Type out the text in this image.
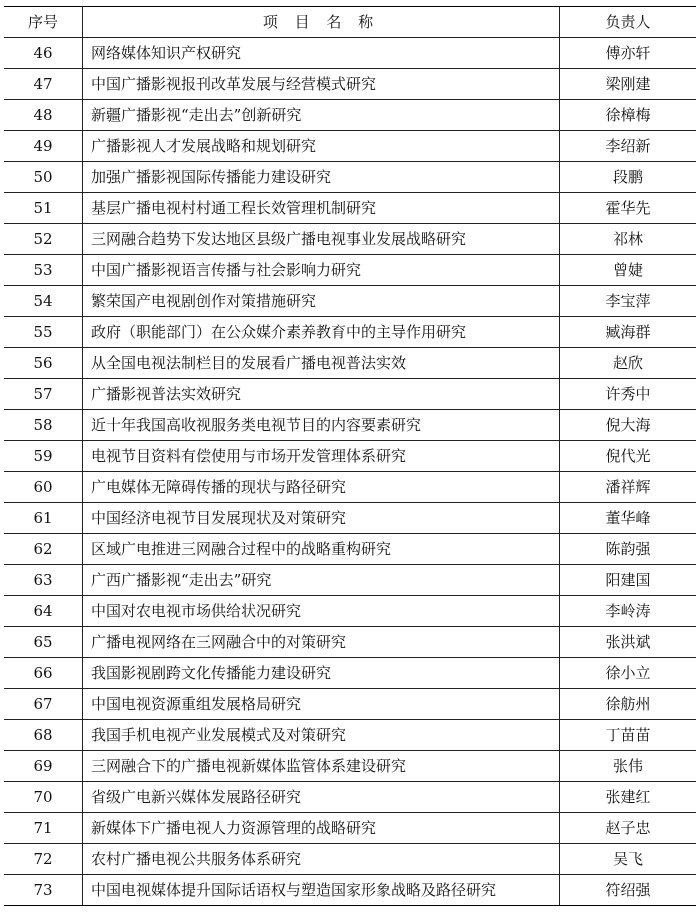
序号	项 目 名 称	负责人
46	网络媒体知识产权研究	傅亦轩
47	中国广播影视报刊改革发展与经营模式研究	梁刚建
48	新疆广播影视“走出去”创新研究	徐樟梅
49	广播影视人才发展战略和规划研究	李绍新
50	加强广播影视国际传播能力建设研究	段鹏
51	基层广播电视村村通工程长效管理机制研究	霍华先
52	三网融合趋势下发达地区县级广播电视事业发展战略研究	祁林
53	中国广播影视语言传播与社会影响力研究	曾婕
54	繁荣国产电视剧创作对策措施研究	李宝萍
55	政府（职能部门）在公众媒介素养教育中的主导作用研究	臧海群
56	从全国电视法制栏目的发展看广播电视普法实效	赵欣
57	广播影视普法实效研究	许秀中
58	近十年我国高收视服务类电视节目的内容要素研究	倪大海
59	电视节目资料有偿使用与市场开发管理体系研究	倪代光
60	广电媒体无障碍传播的现状与路径研究	潘祥辉
61	中国经济电视节目发展现状及对策研究	董华峰
62	区域广电推进三网融合过程中的战略重构研究	陈韵强
63	广西广播影视“走出去”研究	阳建国
64	中国对农电视市场供给状况研究	李岭涛
65	广播电视网络在三网融合中的对策研究	张洪斌
66	我国影视剧跨文化传播能力建设研究	徐小立
67	中国电视资源重组发展格局研究	徐舫州
68	我国手机电视产业发展模式及对策研究	丁苗苗
69	三网融合下的广播电视新媒体监管体系建设研究	张伟
70	省级广电新兴媒体发展路径研究	张建红
71	新媒体下广播电视人力资源管理的战略研究	赵子忠
72	农村广播电视公共服务体系研究	吴飞
73	中国电视媒体提升国际话语权与塑造国家形象战略及路径研究	符绍强
